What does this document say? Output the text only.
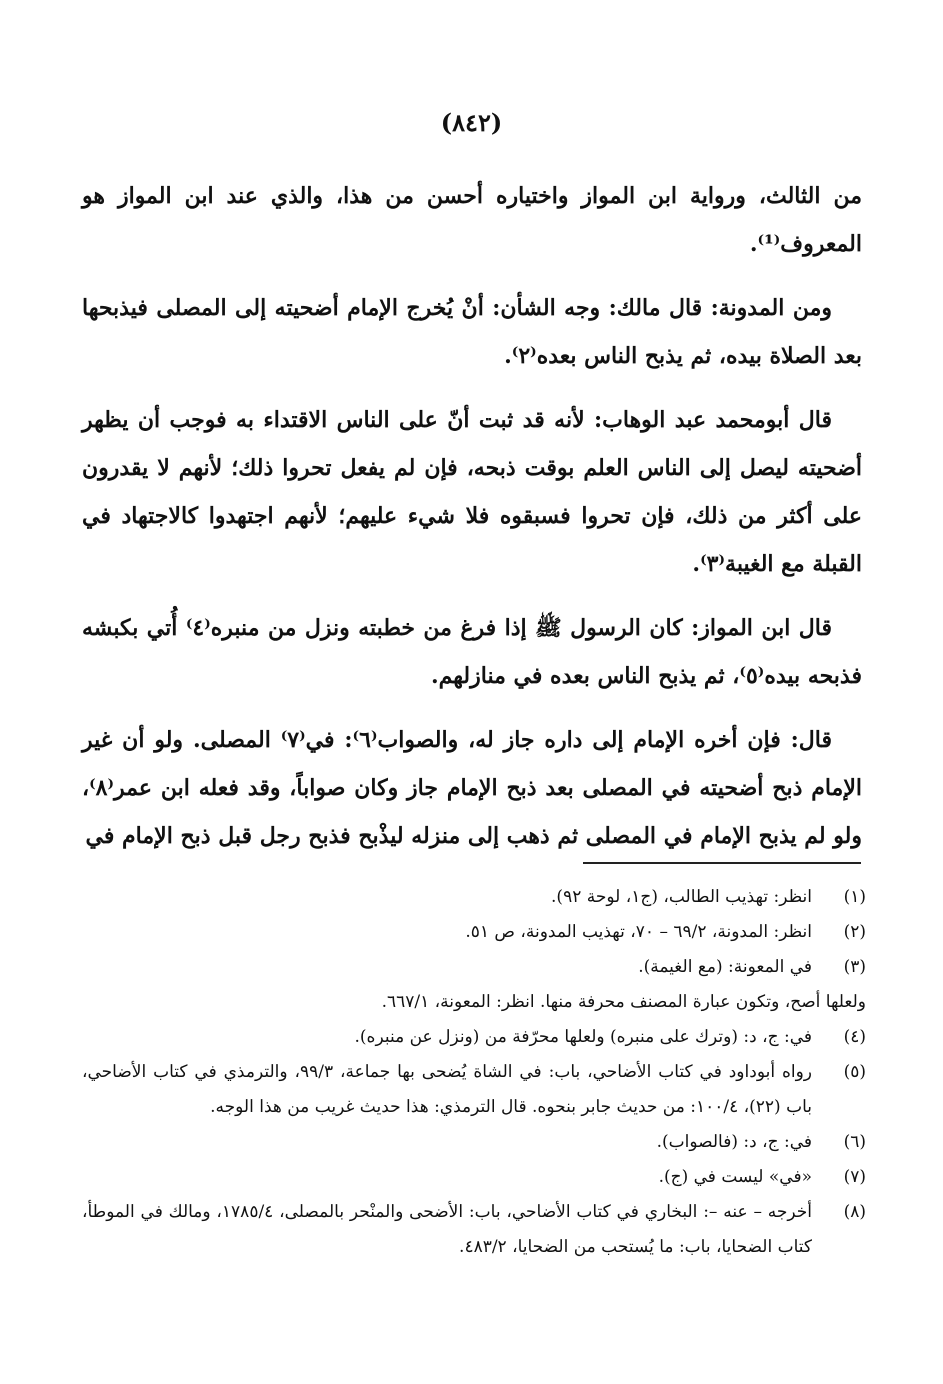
(٨٤٢)

من الثالث، ورواية ابن المواز واختياره أحسن من هذا، والذي عند ابن المواز هو المعروف⁽¹⁾.

ومن المدونة: قال مالك: وجه الشأن: أنْ يُخرج الإمام أضحيته إلى المصلى فيذبحها بعد الصلاة بيده، ثم يذبح الناس بعده⁽٢⁾.

قال أبومحمد عبد الوهاب: لأنه قد ثبت أنّ على الناس الاقتداء به فوجب أن يظهر أضحيته ليصل إلى الناس العلم بوقت ذبحه، فإن لم يفعل تحروا ذلك؛ لأنهم لا يقدرون على أكثر من ذلك، فإن تحروا فسبقوه فلا شيء عليهم؛ لأنهم اجتهدوا كالاجتهاد في القبلة مع الغيبة⁽٣⁾.

قال ابن المواز: كان الرسول ﷺ إذا فرغ من خطبته ونزل من منبره⁽٤⁾ أُتي بكبشه فذبحه بيده⁽٥⁾، ثم يذبح الناس بعده في منازلهم.

قال: فإن أخره الإمام إلى داره جاز له، والصواب⁽٦⁾: في⁽٧⁾ المصلى. ولو أن غير الإمام ذبح أضحيته في المصلى بعد ذبح الإمام جاز وكان صواباً، وقد فعله ابن عمر⁽٨⁾، ولو لم يذبح الإمام في المصلى ثم ذهب إلى منزله ليذْبح فذبح رجل قبل ذبح الإمام في

(١)
انظر: تهذيب الطالب، (ج١، لوحة ٩٢).
(٢)
انظر: المدونة، ٦٩/٢ – ٧٠، تهذيب المدونة، ص ٥١.
(٣)
في المعونة: (مع الغيمة).
ولعلها أصح، وتكون عبارة المصنف محرفة منها. انظر: المعونة، ٦٦٧/١.
(٤)
في: ج، د: (وترك على منبره) ولعلها محرّفة من (ونزل عن منبره).
(٥)
رواه أبوداود في كتاب الأضاحي، باب: في الشاة يُضحى بها جماعة، ٩٩/٣، والترمذي في كتاب الأضاحي، باب (٢٢)، ١٠٠/٤: من حديث جابر بنحوه. قال الترمذي: هذا حديث غريب من هذا الوجه.
(٦)
في: ج، د: (فالصواب).
(٧)
«في» ليست في (ج).
(٨)
أخرجه – عنه –: البخاري في كتاب الأضاحي، باب: الأضحى والمنْحر بالمصلى، ١٧٨٥/٤، ومالك في الموطأ، كتاب الضحايا، باب: ما يُستحب من الضحايا، ٤٨٣/٢.
